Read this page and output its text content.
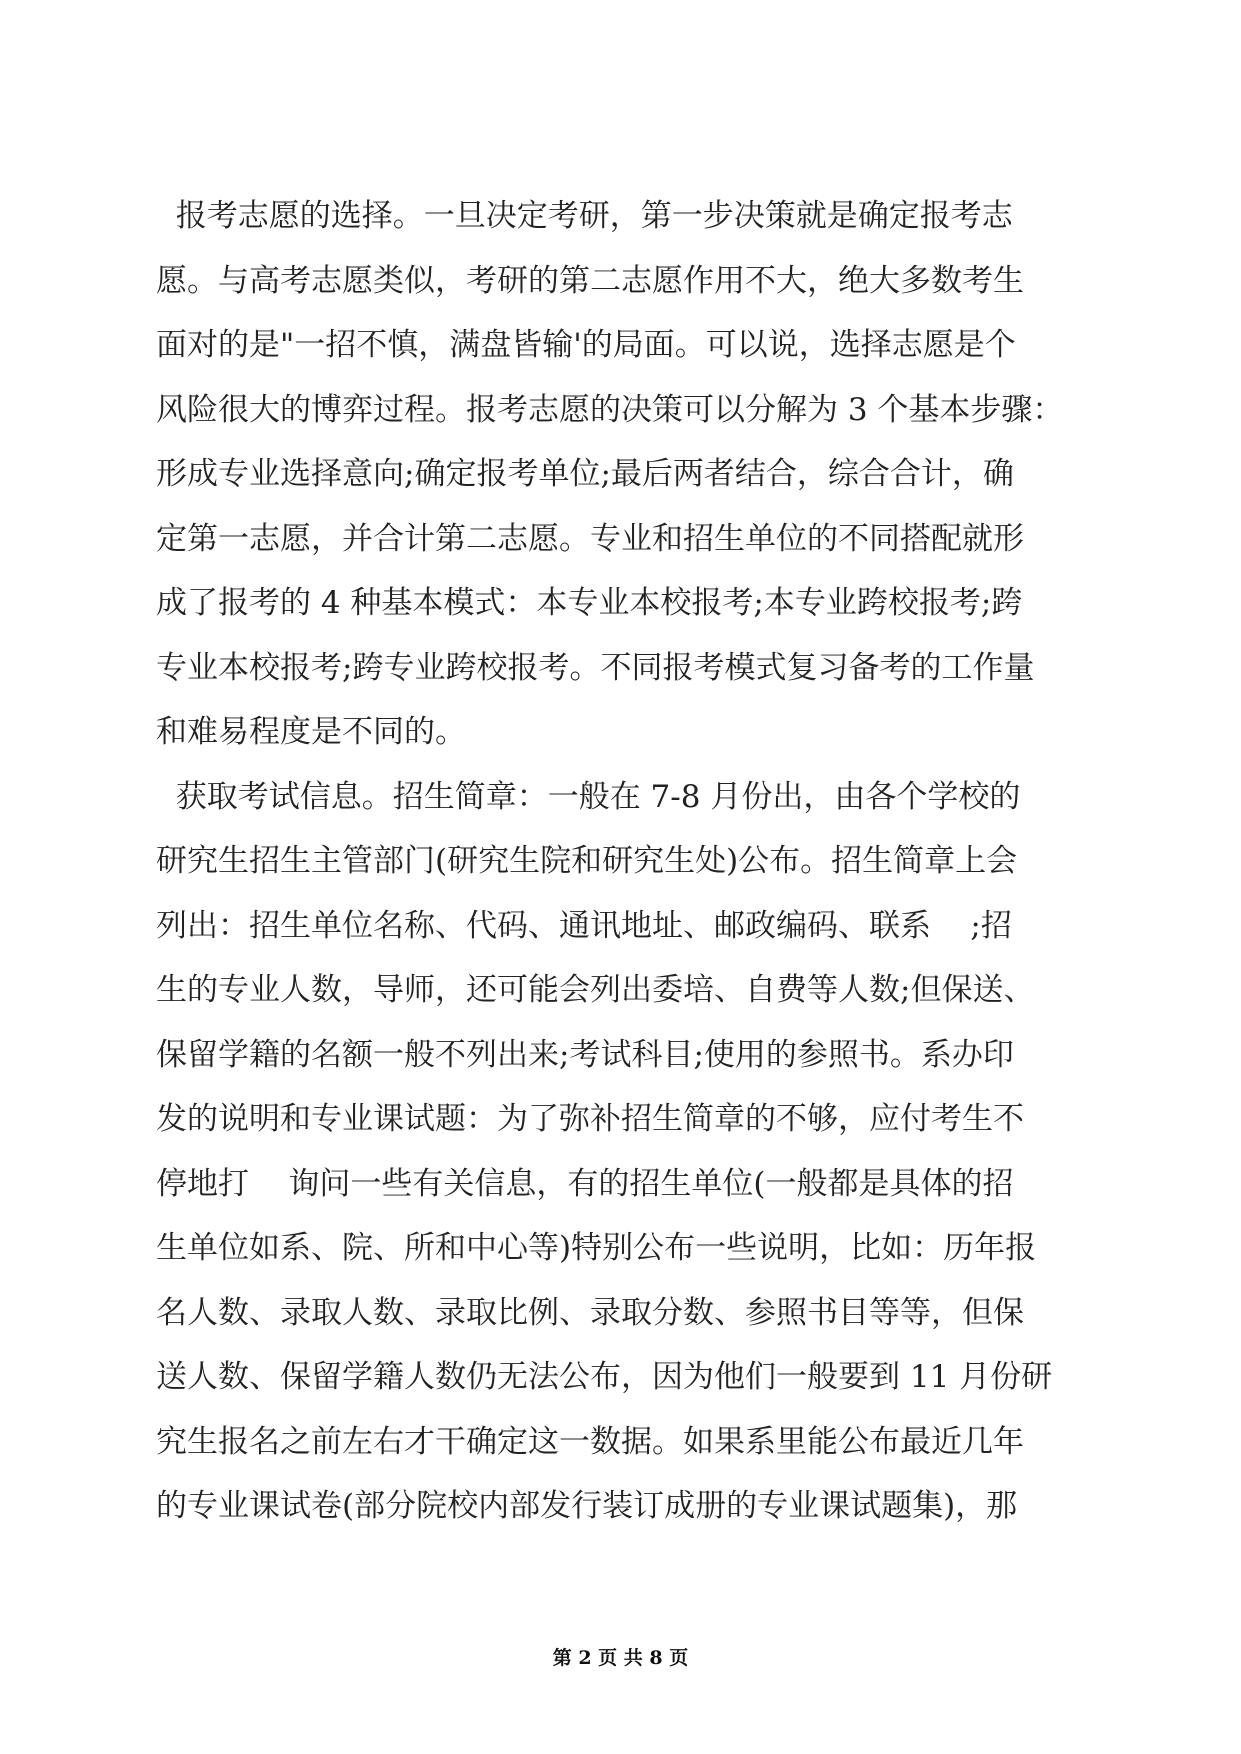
报考志愿的选择。一旦决定考研，第一步决策就是确定报考志
愿。与高考志愿类似，考研的第二志愿作用不大，绝大多数考生
面对的是"一招不慎，满盘皆输'的局面。可以说，选择志愿是个
风险很大的博弈过程。报考志愿的决策可以分解为 3 个基本步骤：
形成专业选择意向;确定报考单位;最后两者结合，综合合计，确
定第一志愿，并合计第二志愿。专业和招生单位的不同搭配就形
成了报考的 4 种基本模式：本专业本校报考;本专业跨校报考;跨
专业本校报考;跨专业跨校报考。不同报考模式复习备考的工作量
和难易程度是不同的。
获取考试信息。招生简章：一般在 7-8 月份出，由各个学校的
研究生招生主管部门(研究生院和研究生处)公布。招生简章上会
列出：招生单位名称、代码、通讯地址、邮政编码、联系    ;招
生的专业人数，导师，还可能会列出委培、自费等人数;但保送、
保留学籍的名额一般不列出来;考试科目;使用的参照书。系办印
发的说明和专业课试题：为了弥补招生简章的不够，应付考生不
停地打    询问一些有关信息，有的招生单位(一般都是具体的招
生单位如系、院、所和中心等)特别公布一些说明，比如：历年报
名人数、录取人数、录取比例、录取分数、参照书目等等，但保
送人数、保留学籍人数仍无法公布，因为他们一般要到 11 月份研
究生报名之前左右才干确定这一数据。如果系里能公布最近几年
的专业课试卷(部分院校内部发行装订成册的专业课试题集)，那
第 2 页 共 8 页
